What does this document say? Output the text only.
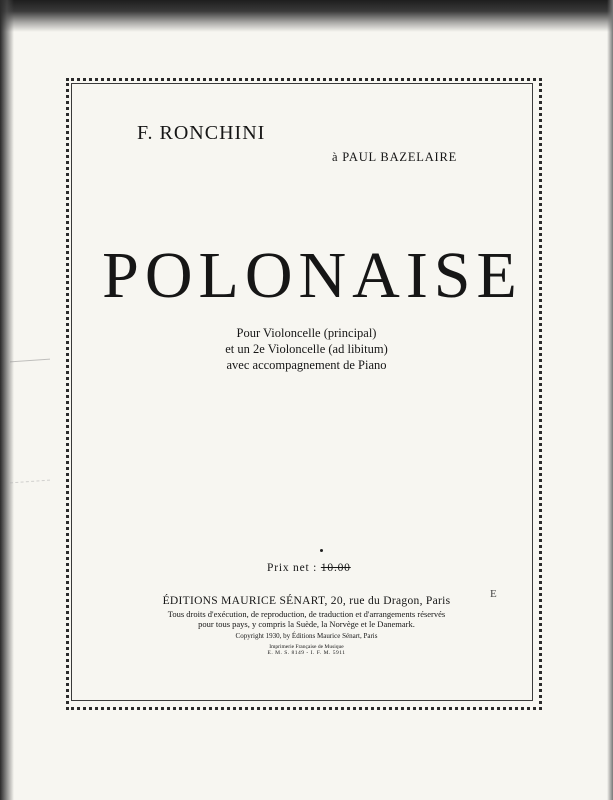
F. RONCHINI
à PAUL BAZELAIRE
POLONAISE
Pour Violoncelle (principal)
et un 2e Violoncelle (ad libitum)
avec accompagnement de Piano
Prix net : 10.00
ÉDITIONS MAURICE SÉNART, 20, rue du Dragon, Paris
Tous droits d'exécution, de reproduction, de traduction et d'arrangements réservés
pour tous pays, y compris la Suède, la Norvège et le Danemark.
Copyright 1930, by Éditions Maurice Sénart, Paris
Imprimerie Française de Musique
E. M. S. 8149 - I. F. M. 5911
E
